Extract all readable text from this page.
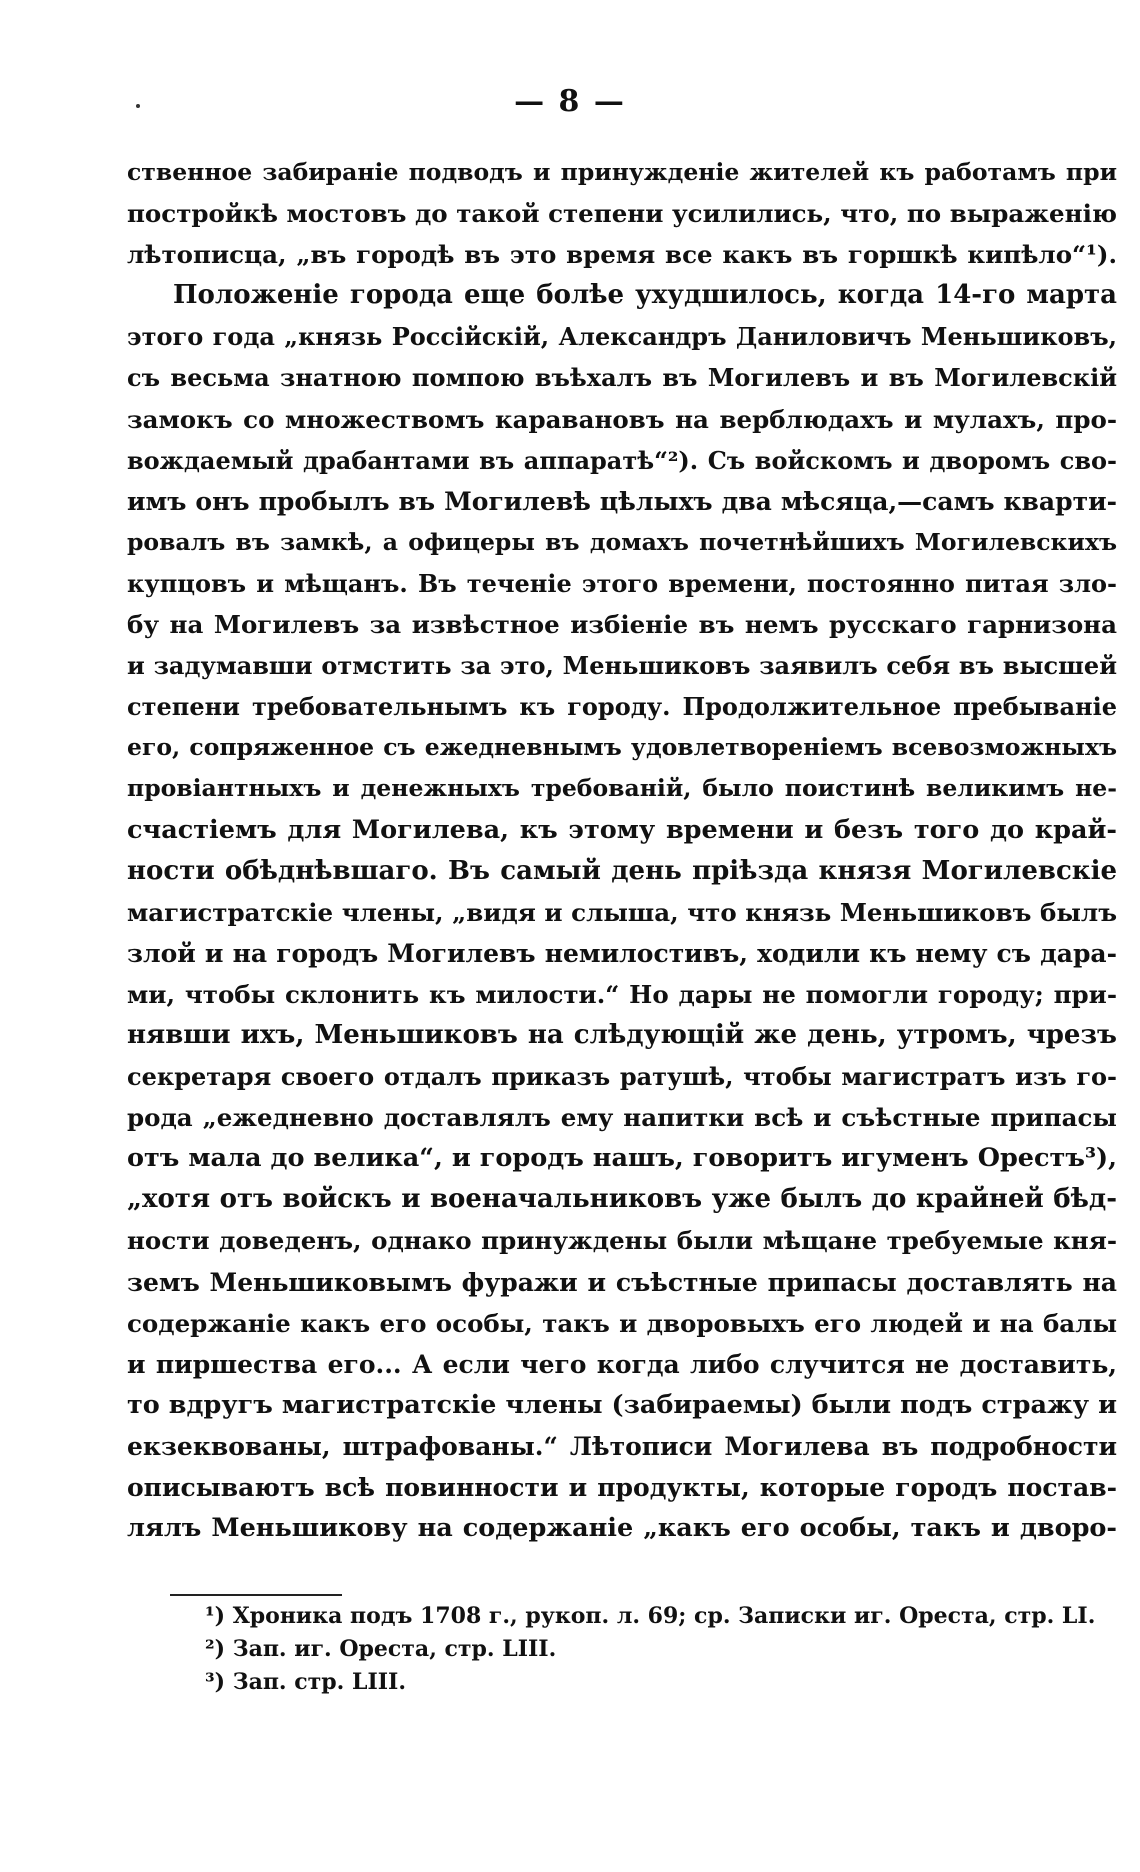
— 8 —
ственное забираніе подводъ и принужденіе жителей къ работамъ при
постройкѣ мостовъ до такой степени усилились, что, по выраженію
лѣтописца, „въ городѣ въ это время все какъ въ горшкѣ кипѣло“¹).
Положеніе города еще болѣе ухудшилось, когда 14-го марта
этого года „князь Россійскій, Александръ Даниловичъ Меньшиковъ,
съ весьма знатною помпою въѣхалъ въ Могилевъ и въ Могилевскій
замокъ со множествомъ каравановъ на верблюдахъ и мулахъ, про-
вождаемый драбантами въ аппаратѣ“²). Съ войскомъ и дворомъ сво-
имъ онъ пробылъ въ Могилевѣ цѣлыхъ два мѣсяца,—самъ кварти-
ровалъ въ замкѣ, а офицеры въ домахъ почетнѣйшихъ Могилевскихъ
купцовъ и мѣщанъ. Въ теченіе этого времени, постоянно питая зло-
бу на Могилевъ за извѣстное избіеніе въ немъ русскаго гарнизона
и задумавши отмстить за это, Меньшиковъ заявилъ себя въ высшей
степени требовательнымъ къ городу. Продолжительное пребываніе
его, сопряженное съ ежедневнымъ удовлетвореніемъ всевозможныхъ
провіантныхъ и денежныхъ требованій, было поистинѣ великимъ не-
счастіемъ для Могилева, къ этому времени и безъ того до край-
ности обѣднѣвшаго. Въ самый день пріѣзда князя Могилевскіе
магистратскіе члены, „видя и слыша, что князь Меньшиковъ былъ
злой и на городъ Могилевъ немилостивъ, ходили къ нему съ дара-
ми, чтобы склонить къ милости.“ Но дары не помогли городу; при-
нявши ихъ, Меньшиковъ на слѣдующій же день, утромъ, чрезъ
секретаря своего отдалъ приказъ ратушѣ, чтобы магистратъ изъ го-
рода „ежедневно доставлялъ ему напитки всѣ и съѣстные припасы
отъ мала до велика“, и городъ нашъ, говоритъ игуменъ Орестъ³),
„хотя отъ войскъ и военачальниковъ уже былъ до крайней бѣд-
ности доведенъ, однако принуждены были мѣщане требуемые кня-
земъ Меньшиковымъ фуражи и съѣстные припасы доставлять на
содержаніе какъ его особы, такъ и дворовыхъ его людей и на балы
и пиршества его... А если чего когда либо случится не доставить,
то вдругъ магистратскіе члены (забираемы) были подъ стражу и
екзеквованы, штрафованы.“ Лѣтописи Могилева въ подробности
описываютъ всѣ повинности и продукты, которые городъ постав-
лялъ Меньшикову на содержаніе „какъ его особы, такъ и дворо-
¹) Хроника подъ 1708 г., рукоп. л. 69; ср. Записки иг. Ореста, стр. LI.
²) Зап. иг. Ореста, стр. LIII.
³) Зап. стр. LIII.
